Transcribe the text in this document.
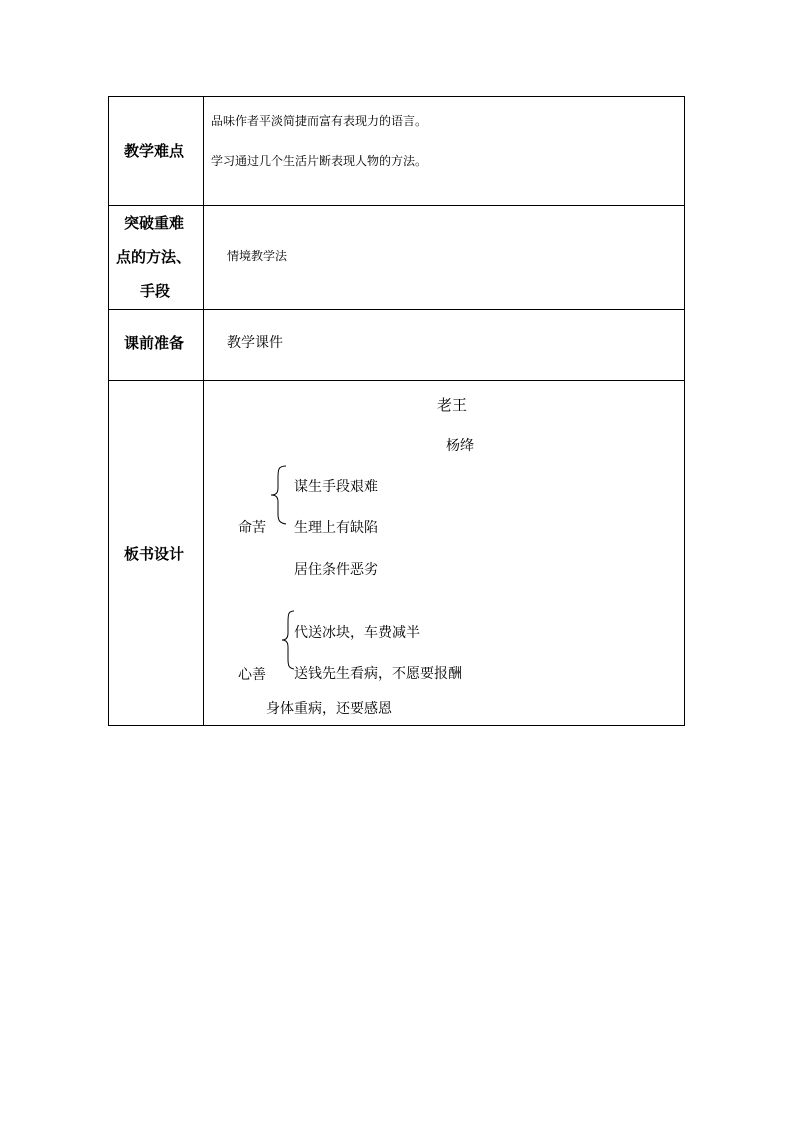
教学难点
品味作者平淡简捷而富有表现力的语言。
学习通过几个生活片断表现人物的方法。
突破重难
点的方法、
手段
情境教学法
课前准备	教学课件
板书设计
老王
杨绛
命苦
谋生手段艰难
生理上有缺陷
居住条件恶劣
心善
代送冰块，车费减半
送钱先生看病，不愿要报酬
身体重病，还要感恩
